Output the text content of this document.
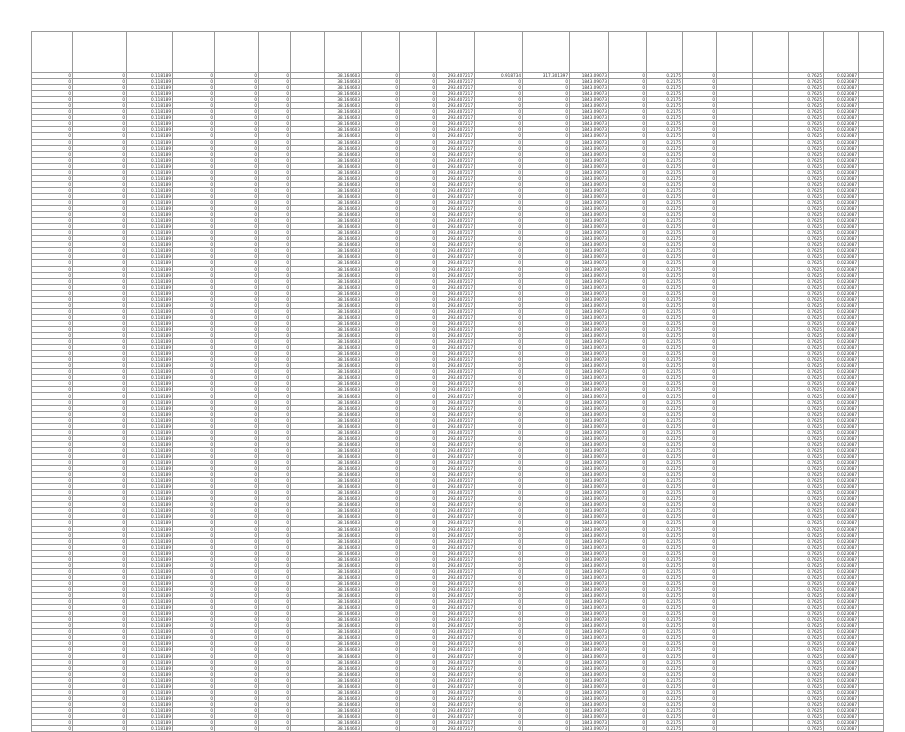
0	0	0.118189	0	0	0		38.164603	0	0	293.407217	0.918734	317.301397	1843.09073	0	0.2175	0			0.7625	0.023087	
0	0	0.118189	0	0	0		38.164603	0	0	293.407217	0	0	1843.09073	0	0.2175	0			0.7625	0.023087	
0	0	0.118189	0	0	0		38.164603	0	0	293.407217	0	0	1843.09073	0	0.2175	0			0.7625	0.023087	
0	0	0.118189	0	0	0		38.164603	0	0	293.407217	0	0	1843.09073	0	0.2175	0			0.7625	0.023087	
0	0	0.118189	0	0	0		38.164603	0	0	293.407217	0	0	1843.09073	0	0.2175	0			0.7625	0.023087	
0	0	0.118189	0	0	0		38.164603	0	0	293.407217	0	0	1843.09073	0	0.2175	0			0.7625	0.023087	
0	0	0.118189	0	0	0		38.164603	0	0	293.407217	0	0	1843.09073	0	0.2175	0			0.7625	0.023087	
0	0	0.118189	0	0	0		38.164603	0	0	293.407217	0	0	1843.09073	0	0.2175	0			0.7625	0.023087	
0	0	0.118189	0	0	0		38.164603	0	0	293.407217	0	0	1843.09073	0	0.2175	0			0.7625	0.023087	
0	0	0.118189	0	0	0		38.164603	0	0	293.407217	0	0	1843.09073	0	0.2175	0			0.7625	0.023087	
0	0	0.118189	0	0	0		38.164603	0	0	293.407217	0	0	1843.09073	0	0.2175	0			0.7625	0.023087	
0	0	0.118189	0	0	0		38.164603	0	0	293.407217	0	0	1843.09073	0	0.2175	0			0.7625	0.023087	
0	0	0.118189	0	0	0		38.164603	0	0	293.407217	0	0	1843.09073	0	0.2175	0			0.7625	0.023087	
0	0	0.118189	0	0	0		38.164603	0	0	293.407217	0	0	1843.09073	0	0.2175	0			0.7625	0.023087	
0	0	0.118189	0	0	0		38.164603	0	0	293.407217	0	0	1843.09073	0	0.2175	0			0.7625	0.023087	
0	0	0.118189	0	0	0		38.164603	0	0	293.407217	0	0	1843.09073	0	0.2175	0			0.7625	0.023087	
0	0	0.118189	0	0	0		38.164603	0	0	293.407217	0	0	1843.09073	0	0.2175	0			0.7625	0.023087	
0	0	0.118189	0	0	0		38.164603	0	0	293.407217	0	0	1843.09073	0	0.2175	0			0.7625	0.023087	
0	0	0.118189	0	0	0		38.164603	0	0	293.407217	0	0	1843.09073	0	0.2175	0			0.7625	0.023087	
0	0	0.118189	0	0	0		38.164603	0	0	293.407217	0	0	1843.09073	0	0.2175	0			0.7625	0.023087	
0	0	0.118189	0	0	0		38.164603	0	0	293.407217	0	0	1843.09073	0	0.2175	0			0.7625	0.023087	
0	0	0.118189	0	0	0		38.164603	0	0	293.407217	0	0	1843.09073	0	0.2175	0			0.7625	0.023087	
0	0	0.118189	0	0	0		38.164603	0	0	293.407217	0	0	1843.09073	0	0.2175	0			0.7625	0.023087	
0	0	0.118189	0	0	0		38.164603	0	0	293.407217	0	0	1843.09073	0	0.2175	0			0.7625	0.023087	
0	0	0.118189	0	0	0		38.164603	0	0	293.407217	0	0	1843.09073	0	0.2175	0			0.7625	0.023087	
0	0	0.118189	0	0	0		38.164603	0	0	293.407217	0	0	1843.09073	0	0.2175	0			0.7625	0.023087	
0	0	0.118189	0	0	0		38.164603	0	0	293.407217	0	0	1843.09073	0	0.2175	0			0.7625	0.023087	
0	0	0.118189	0	0	0		38.164603	0	0	293.407217	0	0	1843.09073	0	0.2175	0			0.7625	0.023087	
0	0	0.118189	0	0	0		38.164603	0	0	293.407217	0	0	1843.09073	0	0.2175	0			0.7625	0.023087	
0	0	0.118189	0	0	0		38.164603	0	0	293.407217	0	0	1843.09073	0	0.2175	0			0.7625	0.023087	
0	0	0.118189	0	0	0		38.164603	0	0	293.407217	0	0	1843.09073	0	0.2175	0			0.7625	0.023087	
0	0	0.118189	0	0	0		38.164603	0	0	293.407217	0	0	1843.09073	0	0.2175	0			0.7625	0.023087	
0	0	0.118189	0	0	0		38.164603	0	0	293.407217	0	0	1843.09073	0	0.2175	0			0.7625	0.023087	
0	0	0.118189	0	0	0		38.164603	0	0	293.407217	0	0	1843.09073	0	0.2175	0			0.7625	0.023087	
0	0	0.118189	0	0	0		38.164603	0	0	293.407217	0	0	1843.09073	0	0.2175	0			0.7625	0.023087	
0	0	0.118189	0	0	0		38.164603	0	0	293.407217	0	0	1843.09073	0	0.2175	0			0.7625	0.023087	
0	0	0.118189	0	0	0		38.164603	0	0	293.407217	0	0	1843.09073	0	0.2175	0			0.7625	0.023087	
0	0	0.118189	0	0	0		38.164603	0	0	293.407217	0	0	1843.09073	0	0.2175	0			0.7625	0.023087	
0	0	0.118189	0	0	0		38.164603	0	0	293.407217	0	0	1843.09073	0	0.2175	0			0.7625	0.023087	
0	0	0.118189	0	0	0		38.164603	0	0	293.407217	0	0	1843.09073	0	0.2175	0			0.7625	0.023087	
0	0	0.118189	0	0	0		38.164603	0	0	293.407217	0	0	1843.09073	0	0.2175	0			0.7625	0.023087	
0	0	0.118189	0	0	0		38.164603	0	0	293.407217	0	0	1843.09073	0	0.2175	0			0.7625	0.023087	
0	0	0.118189	0	0	0		38.164603	0	0	293.407217	0	0	1843.09073	0	0.2175	0			0.7625	0.023087	
0	0	0.118189	0	0	0		38.164603	0	0	293.407217	0	0	1843.09073	0	0.2175	0			0.7625	0.023087	
0	0	0.118189	0	0	0		38.164603	0	0	293.407217	0	0	1843.09073	0	0.2175	0			0.7625	0.023087	
0	0	0.118189	0	0	0		38.164603	0	0	293.407217	0	0	1843.09073	0	0.2175	0			0.7625	0.023087	
0	0	0.118189	0	0	0		38.164603	0	0	293.407217	0	0	1843.09073	0	0.2175	0			0.7625	0.023087	
0	0	0.118189	0	0	0		38.164603	0	0	293.407217	0	0	1843.09073	0	0.2175	0			0.7625	0.023087	
0	0	0.118189	0	0	0		38.164603	0	0	293.407217	0	0	1843.09073	0	0.2175	0			0.7625	0.023087	
0	0	0.118189	0	0	0		38.164603	0	0	293.407217	0	0	1843.09073	0	0.2175	0			0.7625	0.023087	
0	0	0.118189	0	0	0		38.164603	0	0	293.407217	0	0	1843.09073	0	0.2175	0			0.7625	0.023087	
0	0	0.118189	0	0	0		38.164603	0	0	293.407217	0	0	1843.09073	0	0.2175	0			0.7625	0.023087	
0	0	0.118189	0	0	0		38.164603	0	0	293.407217	0	0	1843.09073	0	0.2175	0			0.7625	0.023087	
0	0	0.118189	0	0	0		38.164603	0	0	293.407217	0	0	1843.09073	0	0.2175	0			0.7625	0.023087	
0	0	0.118189	0	0	0		38.164603	0	0	293.407217	0	0	1843.09073	0	0.2175	0			0.7625	0.023087	
0	0	0.118189	0	0	0		38.164603	0	0	293.407217	0	0	1843.09073	0	0.2175	0			0.7625	0.023087	
0	0	0.118189	0	0	0		38.164603	0	0	293.407217	0	0	1843.09073	0	0.2175	0			0.7625	0.023087	
0	0	0.118189	0	0	0		38.164603	0	0	293.407217	0	0	1843.09073	0	0.2175	0			0.7625	0.023087	
0	0	0.118189	0	0	0		38.164603	0	0	293.407217	0	0	1843.09073	0	0.2175	0			0.7625	0.023087	
0	0	0.118189	0	0	0		38.164603	0	0	293.407217	0	0	1843.09073	0	0.2175	0			0.7625	0.023087	
0	0	0.118189	0	0	0		38.164603	0	0	293.407217	0	0	1843.09073	0	0.2175	0			0.7625	0.023087	
0	0	0.118189	0	0	0		38.164603	0	0	293.407217	0	0	1843.09073	0	0.2175	0			0.7625	0.023087	
0	0	0.118189	0	0	0		38.164603	0	0	293.407217	0	0	1843.09073	0	0.2175	0			0.7625	0.023087	
0	0	0.118189	0	0	0		38.164603	0	0	293.407217	0	0	1843.09073	0	0.2175	0			0.7625	0.023087	
0	0	0.118189	0	0	0		38.164603	0	0	293.407217	0	0	1843.09073	0	0.2175	0			0.7625	0.023087	
0	0	0.118189	0	0	0		38.164603	0	0	293.407217	0	0	1843.09073	0	0.2175	0			0.7625	0.023087	
0	0	0.118189	0	0	0		38.164603	0	0	293.407217	0	0	1843.09073	0	0.2175	0			0.7625	0.023087	
0	0	0.118189	0	0	0		38.164603	0	0	293.407217	0	0	1843.09073	0	0.2175	0			0.7625	0.023087	
0	0	0.118189	0	0	0		38.164603	0	0	293.407217	0	0	1843.09073	0	0.2175	0			0.7625	0.023087	
0	0	0.118189	0	0	0		38.164603	0	0	293.407217	0	0	1843.09073	0	0.2175	0			0.7625	0.023087	
0	0	0.118189	0	0	0		38.164603	0	0	293.407217	0	0	1843.09073	0	0.2175	0			0.7625	0.023087	
0	0	0.118189	0	0	0		38.164603	0	0	293.407217	0	0	1843.09073	0	0.2175	0			0.7625	0.023087	
0	0	0.118189	0	0	0		38.164603	0	0	293.407217	0	0	1843.09073	0	0.2175	0			0.7625	0.023087	
0	0	0.118189	0	0	0		38.164603	0	0	293.407217	0	0	1843.09073	0	0.2175	0			0.7625	0.023087	
0	0	0.118189	0	0	0		38.164603	0	0	293.407217	0	0	1843.09073	0	0.2175	0			0.7625	0.023087	
0	0	0.118189	0	0	0		38.164603	0	0	293.407217	0	0	1843.09073	0	0.2175	0			0.7625	0.023087	
0	0	0.118189	0	0	0		38.164603	0	0	293.407217	0	0	1843.09073	0	0.2175	0			0.7625	0.023087	
0	0	0.118189	0	0	0		38.164603	0	0	293.407217	0	0	1843.09073	0	0.2175	0			0.7625	0.023087	
0	0	0.118189	0	0	0		38.164603	0	0	293.407217	0	0	1843.09073	0	0.2175	0			0.7625	0.023087	
0	0	0.118189	0	0	0		38.164603	0	0	293.407217	0	0	1843.09073	0	0.2175	0			0.7625	0.023087	
0	0	0.118189	0	0	0		38.164603	0	0	293.407217	0	0	1843.09073	0	0.2175	0			0.7625	0.023087	
0	0	0.118189	0	0	0		38.164603	0	0	293.407217	0	0	1843.09073	0	0.2175	0			0.7625	0.023087	
0	0	0.118189	0	0	0		38.164603	0	0	293.407217	0	0	1843.09073	0	0.2175	0			0.7625	0.023087	
0	0	0.118189	0	0	0		38.164603	0	0	293.407217	0	0	1843.09073	0	0.2175	0			0.7625	0.023087	
0	0	0.118189	0	0	0		38.164603	0	0	293.407217	0	0	1843.09073	0	0.2175	0			0.7625	0.023087	
0	0	0.118189	0	0	0		38.164603	0	0	293.407217	0	0	1843.09073	0	0.2175	0			0.7625	0.023087	
0	0	0.118189	0	0	0		38.164603	0	0	293.407217	0	0	1843.09073	0	0.2175	0			0.7625	0.023087	
0	0	0.118189	0	0	0		38.164603	0	0	293.407217	0	0	1843.09073	0	0.2175	0			0.7625	0.023087	
0	0	0.118189	0	0	0		38.164603	0	0	293.407217	0	0	1843.09073	0	0.2175	0			0.7625	0.023087	
0	0	0.118189	0	0	0		38.164603	0	0	293.407217	0	0	1843.09073	0	0.2175	0			0.7625	0.023087	
0	0	0.118189	0	0	0		38.164603	0	0	293.407217	0	0	1843.09073	0	0.2175	0			0.7625	0.023087	
0	0	0.118189	0	0	0		38.164603	0	0	293.407217	0	0	1843.09073	0	0.2175	0			0.7625	0.023087	
0	0	0.118189	0	0	0		38.164603	0	0	293.407217	0	0	1843.09073	0	0.2175	0			0.7625	0.023087	
0	0	0.118189	0	0	0		38.164603	0	0	293.407217	0	0	1843.09073	0	0.2175	0			0.7625	0.023087	
0	0	0.118189	0	0	0		38.164603	0	0	293.407217	0	0	1843.09073	0	0.2175	0			0.7625	0.023087	
0	0	0.118189	0	0	0		38.164603	0	0	293.407217	0	0	1843.09073	0	0.2175	0			0.7625	0.023087	
0	0	0.118189	0	0	0		38.164603	0	0	293.407217	0	0	1843.09073	0	0.2175	0			0.7625	0.023087	
0	0	0.118189	0	0	0		38.164603	0	0	293.407217	0	0	1843.09073	0	0.2175	0			0.7625	0.023087	
0	0	0.118189	0	0	0		38.164603	0	0	293.407217	0	0	1843.09073	0	0.2175	0			0.7625	0.023087	
0	0	0.118189	0	0	0		38.164603	0	0	293.407217	0	0	1843.09073	0	0.2175	0			0.7625	0.023087	
0	0	0.118189	0	0	0		38.164603	0	0	293.407217	0	0	1843.09073	0	0.2175	0			0.7625	0.023087	
0	0	0.118189	0	0	0		38.164603	0	0	293.407217	0	0	1843.09073	0	0.2175	0			0.7625	0.023087	
0	0	0.118189	0	0	0		38.164603	0	0	293.407217	0	0	1843.09073	0	0.2175	0			0.7625	0.023087	
0	0	0.118189	0	0	0		38.164603	0	0	293.407217	0	0	1843.09073	0	0.2175	0			0.7625	0.023087	
0	0	0.118189	0	0	0		38.164603	0	0	293.407217	0	0	1843.09073	0	0.2175	0			0.7625	0.023087	
0	0	0.118189	0	0	0		38.164603	0	0	293.407217	0	0	1843.09073	0	0.2175	0			0.7625	0.023087	
0	0	0.118189	0	0	0		38.164603	0	0	293.407217	0	0	1843.09073	0	0.2175	0			0.7625	0.023087	
0	0	0.118189	0	0	0		38.164603	0	0	293.407217	0	0	1843.09073	0	0.2175	0			0.7625	0.023087	
0	0	0.118189	0	0	0		38.164603	0	0	293.407217	0	0	1843.09073	0	0.2175	0			0.7625	0.023087	
